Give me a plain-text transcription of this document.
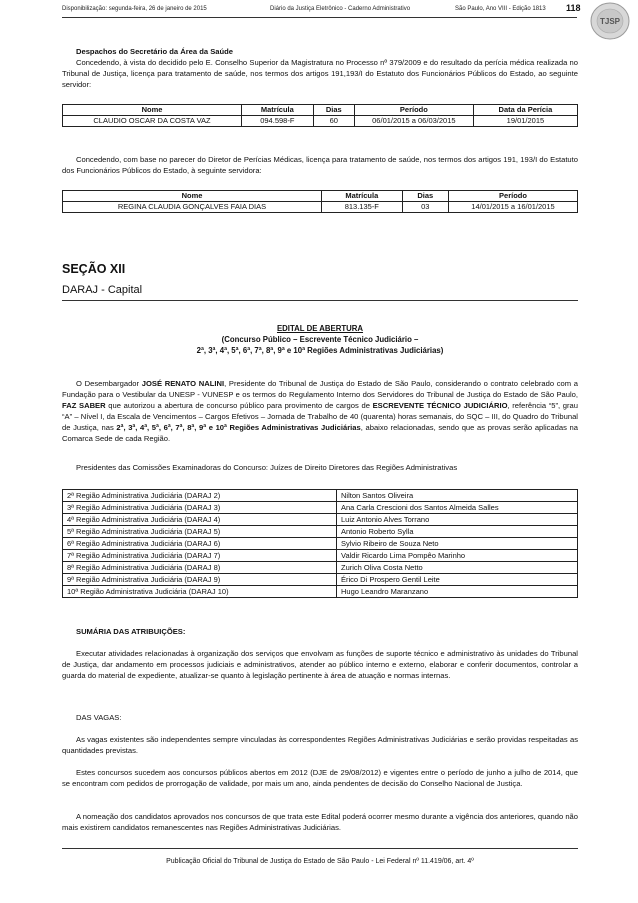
Disponibilização: segunda-feira, 26 de janeiro de 2015	Diário da Justiça Eletrônico - Caderno Administrativo	São Paulo, Ano VIII - Edição 1813 118
TJSP

Despachos do Secretário da Área da Saúde

Concedendo, à vista do decidido pelo E. Conselho Superior da Magistratura no Processo nº 379/2009 e do resultado da perícia médica realizada no Tribunal de Justiça, licença para tratamento de saúde, nos termos dos artigos 191,193/I do Estatuto dos Funcionários Públicos do Estado, ao seguinte servidor:

Nome	Matrícula	Dias	Período	Data da Perícia
CLAUDIO OSCAR DA COSTA VAZ	094.598-F	60	06/01/2015 a 06/03/2015	19/01/2015

Concedendo, com base no parecer do Diretor de Perícias Médicas, licença para tratamento de saúde, nos termos dos artigos 191, 193/I do Estatuto dos Funcionários Públicos do Estado, à seguinte servidora:

Nome	Matrícula	Dias	Período
REGINA CLAUDIA GONÇALVES FAIA DIAS	813.135-F	03	14/01/2015 a 16/01/2015
SEÇÃO XII
DARAJ - Capital

EDITAL DE ABERTURA

(Concurso Público – Escrevente Técnico Judiciário –

2ª, 3ª, 4ª, 5ª, 6ª, 7ª, 8ª, 9ª e 10ª Regiões Administrativas Judiciárias)

O Desembargador JOSÉ RENATO NALINI, Presidente do Tribunal de Justiça do Estado de São Paulo, considerando o contrato celebrado com a Fundação para o Vestibular da UNESP - VUNESP e os termos do Regulamento Interno dos Servidores do Tribunal de Justiça do Estado de São Paulo, FAZ SABER que autorizou a abertura de concurso público para provimento de cargos de ESCREVENTE TÉCNICO JUDICIÁRIO, referência “5”, grau “A” – Nível I, da Escala de Vencimentos – Cargos Efetivos – Jornada de Trabalho de 40 (quarenta) horas semanais, do SQC – III, do Quadro do Tribunal de Justiça, nas 2ª, 3ª, 4ª, 5ª, 6ª, 7ª, 8ª, 9ª e 10ª Regiões Administrativas Judiciárias, abaixo relacionadas, sendo que as provas serão aplicadas na Comarca Sede de cada Região.

Presidentes das Comissões Examinadoras do Concurso: Juízes de Direito Diretores das Regiões Administrativas

2ª Região Administrativa Judiciária (DARAJ 2)	Nilton Santos Oliveira
3ª Região Administrativa Judiciária (DARAJ 3)	Ana Carla Crescioni dos Santos Almeida Salles
4ª Região Administrativa Judiciária (DARAJ 4)	Luiz Antonio Alves Torrano
5ª Região Administrativa Judiciária (DARAJ 5)	Antonio Roberto Sylla
6ª Região Administrativa Judiciária (DARAJ 6)	Sylvio Ribeiro de Souza Neto
7ª Região Administrativa Judiciária (DARAJ 7)	Valdir Ricardo Lima Pompêo Marinho
8ª Região Administrativa Judiciária (DARAJ 8)	Zurich Oliva Costa Netto
9ª Região Administrativa Judiciária (DARAJ 9)	Érico Di Prospero Gentil Leite
10ª Região Administrativa Judiciária (DARAJ 10)	Hugo Leandro Maranzano

SUMÁRIA DAS ATRIBUIÇÕES:

Executar atividades relacionadas à organização dos serviços que envolvam as funções de suporte técnico e administrativo às unidades do Tribunal de Justiça, dar andamento em processos judiciais e administrativos, atender ao público interno e externo, elaborar e conferir documentos, controlar a guarda do material de expediente, atualizar-se quanto à legislação pertinente à área de atuação e normas internas.

DAS VAGAS:

As vagas existentes são independentes sempre vinculadas às correspondentes Regiões Administrativas Judiciárias e serão providas respeitadas as quantidades previstas.

Estes concursos sucedem aos concursos públicos abertos em 2012 (DJE de 29/08/2012) e vigentes entre o período de junho a julho de 2014, que se encontram com pedidos de prorrogação de validade, por mais um ano, ainda pendentes de decisão do Conselho Nacional de Justiça.

A nomeação dos candidatos aprovados nos concursos de que trata este Edital poderá ocorrer mesmo durante a vigência dos anteriores, quando não mais existirem candidatos remanescentes nas Regiões Administrativas Judiciárias.

Publicação Oficial do Tribunal de Justiça do Estado de São Paulo - Lei Federal nº 11.419/06, art. 4º
